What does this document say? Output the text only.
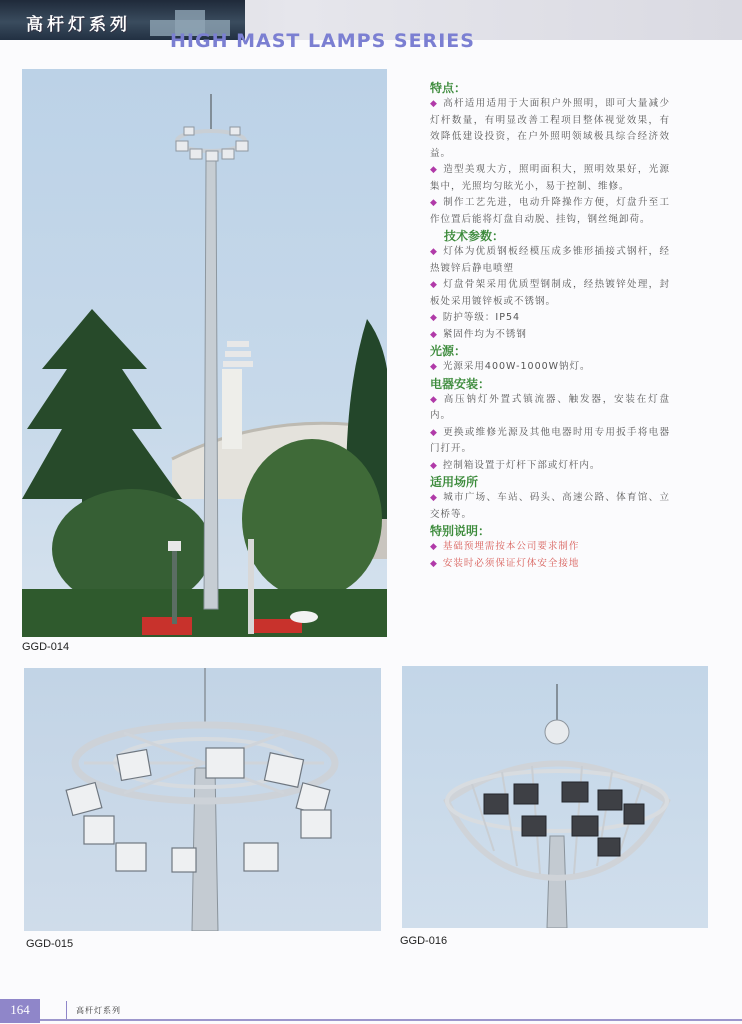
高杆灯系列
HIGH MAST LAMPS SERIES
GGD-014
GGD-015	GGD-016

特点：

◆ 高杆适用适用于大面积户外照明，即可大量减少灯杆数量，有明显改善工程项目整体视觉效果，有效降低建设投资，在户外照明领域极具综合经济效益。

◆ 造型美观大方，照明面积大，照明效果好，光源集中，光照均匀眩光小，易于控制、维修。

◆ 制作工艺先进，电动升降操作方便，灯盘升至工作位置后能将灯盘自动脱、挂钩，钢丝绳卸荷。

技术参数：

◆ 灯体为优质钢板经模压成多锥形插接式钢杆，经热镀锌后静电喷塑

◆ 灯盘骨架采用优质型钢制成，经热镀锌处理，封板处采用镀锌板或不锈钢。

◆ 防护等级：IP54

◆ 紧固件均为不锈钢

光源：

◆ 光源采用400W-1000W钠灯。

电器安装：

◆ 高压钠灯外置式镇流器、触发器，安装在灯盘内。

◆ 更换或维修光源及其他电器时用专用扳手将电器门打开。

◆ 控制箱设置于灯杆下部或灯杆内。

适用场所

◆ 城市广场、车站、码头、高速公路、体育馆、立交桥等。

特别说明：

◆ 基础预埋需按本公司要求制作

◆ 安装时必须保证灯体安全接地

164	高杆灯系列
